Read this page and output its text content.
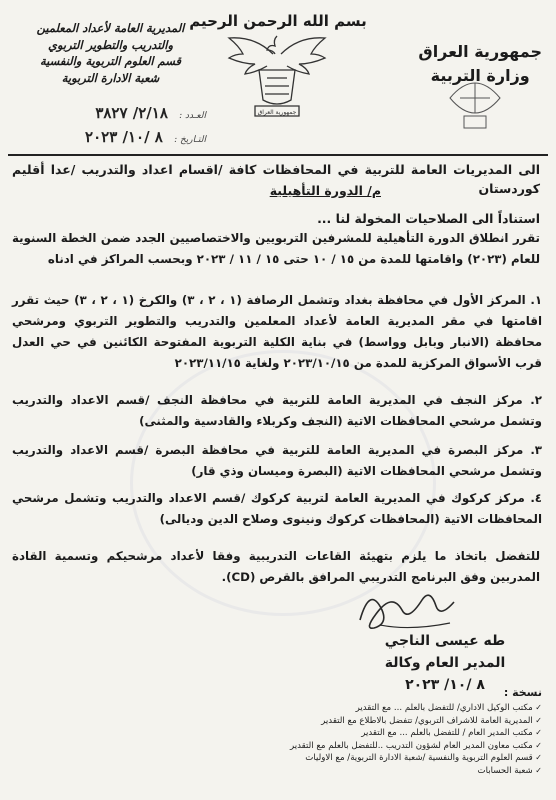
بسم الله الرحمن الرحيم
جمهورية العراق
وزارة التربية
المديرية العامة لأعداد المعلمين
والتدريب والتطوير التربوي
قسم العلوم التربوية والنفسية
شعبة الادارة التربوية
العـدد : ٢/١٨/ ٣٨٢٧
التـاريخ : ٨ /١٠/ ٢٠٢٣
جمهورية العراق
الى المديريات العامة للتربية في المحافظات كافة /اقسام اعداد والتدريب /عدا أقليم كوردستان
م/ الدورة التأهيلية
استناداً الى الصلاحيات المخولة لنا ...
تقرر انطلاق الدورة التأهيلية للمشرفين التربويين والاختصاصيين الجدد ضمن الخطة السنوية للعام (٢٠٢٣) واقامتها للمدة من ١٥ / ١٠ حتى ١٥ / ١١ / ٢٠٢٣ وبحسب المراكز في ادناه
١. المركز الأول في محافظة بغداد وتشمل الرصافة (١ ، ٢ ، ٣) والكرخ (١ ، ٢ ، ٣) حيث تقرر اقامتها في مقر المديرية العامة لأعداد المعلمين والتدريب والتطوير التربوي ومرشحي محافظة (الانبار وبابل وواسط) في بناية الكلية التربوية المفتوحة الكائنين في حي العدل قرب الأسواق المركزية للمدة من ٢٠٢٣/١٠/١٥ ولغاية ٢٠٢٣/١١/١٥
٢. مركز النجف في المديرية العامة للتربية في محافظة النجف /قسم الاعداد والتدريب وتشمل مرشحي المحافظات الاتية (النجف وكربلاء والقادسية والمثنى)
٣. مركز البصرة في المديرية العامة للتربية في محافظة البصرة /قسم الاعداد والتدريب وتشمل مرشحي المحافظات الاتية (البصرة وميسان وذي قار)
٤. مركز كركوك في المديرية العامة لتربية كركوك /قسم الاعداد والتدريب وتشمل مرشحي المحافظات الاتية (المحافظات كركوك ونينوى وصلاح الدين وديالى)
للتفضل باتخاذ ما يلزم بتهيئة القاعات التدريبية وفقا لأعداد مرشحيكم وتسمية القادة المدربين وفق البرنامج التدريبي المرافق بالقرص (CD).
طه عيسى الناجي
المدير العام وكالة
٨ /١٠/ ٢٠٢٣	نسخة :
✓ مكتب الوكيل الاداري/ للتفضل بالعلم ... مع التقدير
✓ المديرية العامة للاشراف التربوي/ تتفضل بالاطلاع مع التقدير
✓ مكتب المدير العام / للتفضل بالعلم ... مع التقدير
✓ مكتب معاون المدير العام لشؤون التدريب ..للتفضل بالعلم مع التقدير
✓ قسم العلوم التربوية والنفسية /شعبة الادارة التربوية/ مع الاوليات
✓ شعبة الحسابات
